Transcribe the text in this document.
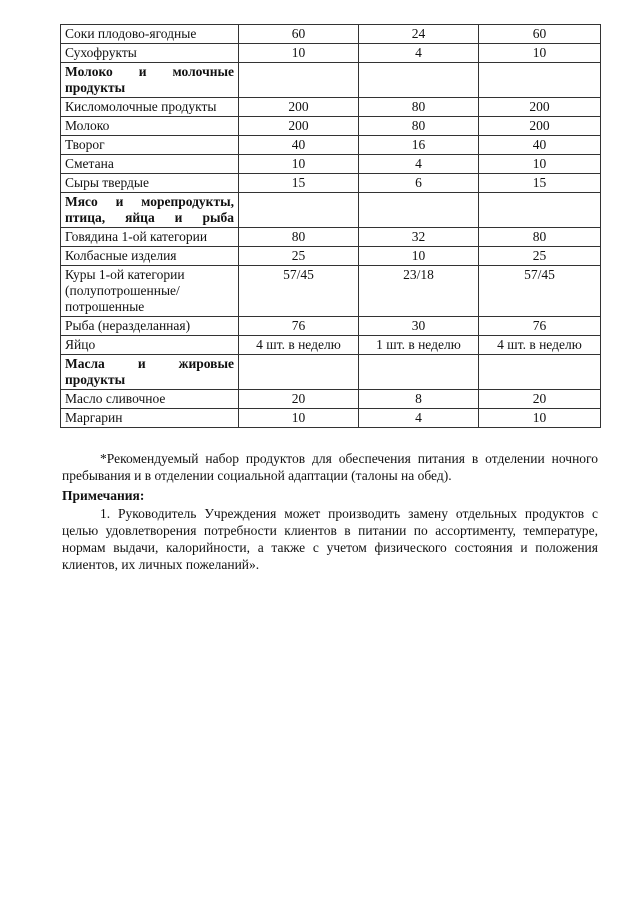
Соки плодово-ягодные	60	24	60
Сухофрукты	10	4	10
Молоко и молочные продукты			
Кисломолочные продукты	200	80	200
Молоко	200	80	200
Творог	40	16	40
Сметана	10	4	10
Сыры твердые	15	6	15
Мясо и морепродукты, птица, яйца и рыба			
Говядина 1-ой категории	80	32	80
Колбасные изделия	25	10	25
Куры 1-ой категории (полупотрошенные/потрошенные	57/45	23/18	57/45
Рыба (неразделанная)	76	30	76
Яйцо	4 шт. в неделю	1 шт. в неделю	4 шт. в неделю
Масла и жировые продукты			
Масло сливочное	20	8	20
Маргарин	10	4	10

*Рекомендуемый набор продуктов для обеспечения питания в отделении ночного пребывания и в отделении социальной адаптации (талоны на обед).

Примечания:
1. Руководитель Учреждения может производить замену отдельных продуктов с целью удовлетворения потребности клиентов в питании по ассортименту, температуре, нормам выдачи, калорийности, а также с учетом физического состояния и положения клиентов, их личных пожеланий».
